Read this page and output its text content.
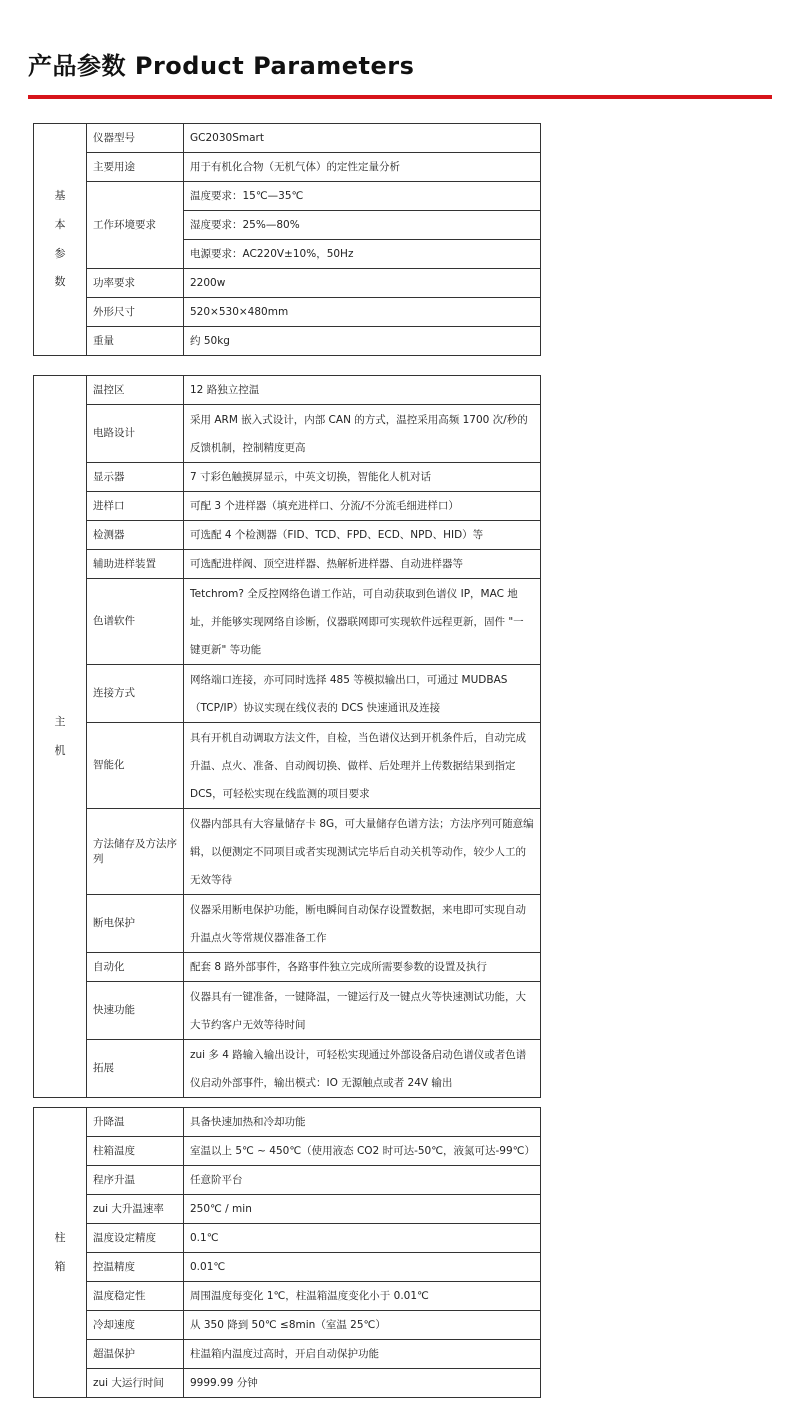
产品参数 Product Parameters
基
本
参
数	仪器型号	GC2030Smart
	主要用途	用于有机化合物（无机气体）的定性定量分析
	工作环境要求	温度要求：15℃—35℃
		湿度要求：25%—80%
		电源要求：AC220V±10%，50Hz
	功率要求	2200w
	外形尺寸	520×530×480mm
	重量	约 50kg
主
机	温控区	12 路独立控温
	电路设计	采用 ARM 嵌入式设计，内部 CAN 的方式，温控采用高频 1700 次/秒的反馈机制，控制精度更高
	显示器	7 寸彩色触摸屏显示，中英文切换，智能化人机对话
	进样口	可配 3 个进样器（填充进样口、分流/不分流毛细进样口）
	检测器	可选配 4 个检测器（FID、TCD、FPD、ECD、NPD、HID）等
	辅助进样装置	可选配进样阀、顶空进样器、热解析进样器、自动进样器等
	色谱软件	Tetchrom? 全反控网络色谱工作站，可自动获取到色谱仪 IP，MAC 地址，并能够实现网络自诊断，仪器联网即可实现软件远程更新，固件 "一键更新" 等功能
	连接方式	网络端口连接，亦可同时选择 485 等模拟输出口，可通过 MUDBAS（TCP/IP）协议实现在线仪表的 DCS 快速通讯及连接
	智能化	具有开机自动调取方法文件，自检，当色谱仪达到开机条件后，自动完成升温、点火、准备、自动阀切换、做样、后处理并上传数据结果到指定 DCS，可轻松实现在线监测的项目要求
	方法储存及方法序列	仪器内部具有大容量储存卡 8G，可大量储存色谱方法；方法序列可随意编辑，以便测定不同项目或者实现测试完毕后自动关机等动作，较少人工的无效等待
	断电保护	仪器采用断电保护功能，断电瞬间自动保存设置数据，来电即可实现自动升温点火等常规仪器准备工作
	自动化	配套 8 路外部事件，各路事件独立完成所需要参数的设置及执行
	快速功能	仪器具有一键准备，一键降温，一键运行及一键点火等快速测试功能，大大节约客户无效等待时间
	拓展	zui 多 4 路输入输出设计，可轻松实现通过外部设备启动色谱仪或者色谱仪启动外部事件，输出模式：IO 无源触点或者 24V 输出
柱
箱	升降温	具备快速加热和冷却功能
	柱箱温度	室温以上 5℃ ~ 450℃（使用液态 CO2 时可达-50℃，液氮可达-99℃）
	程序升温	任意阶平台
	zui 大升温速率	250℃ / min
	温度设定精度	0.1℃
	控温精度	0.01℃
	温度稳定性	周围温度每变化 1℃，柱温箱温度变化小于 0.01℃
	冷却速度	从 350 降到 50℃ ≤8min（室温 25℃）
	超温保护	柱温箱内温度过高时，开启自动保护功能
	zui 大运行时间	9999.99 分钟
